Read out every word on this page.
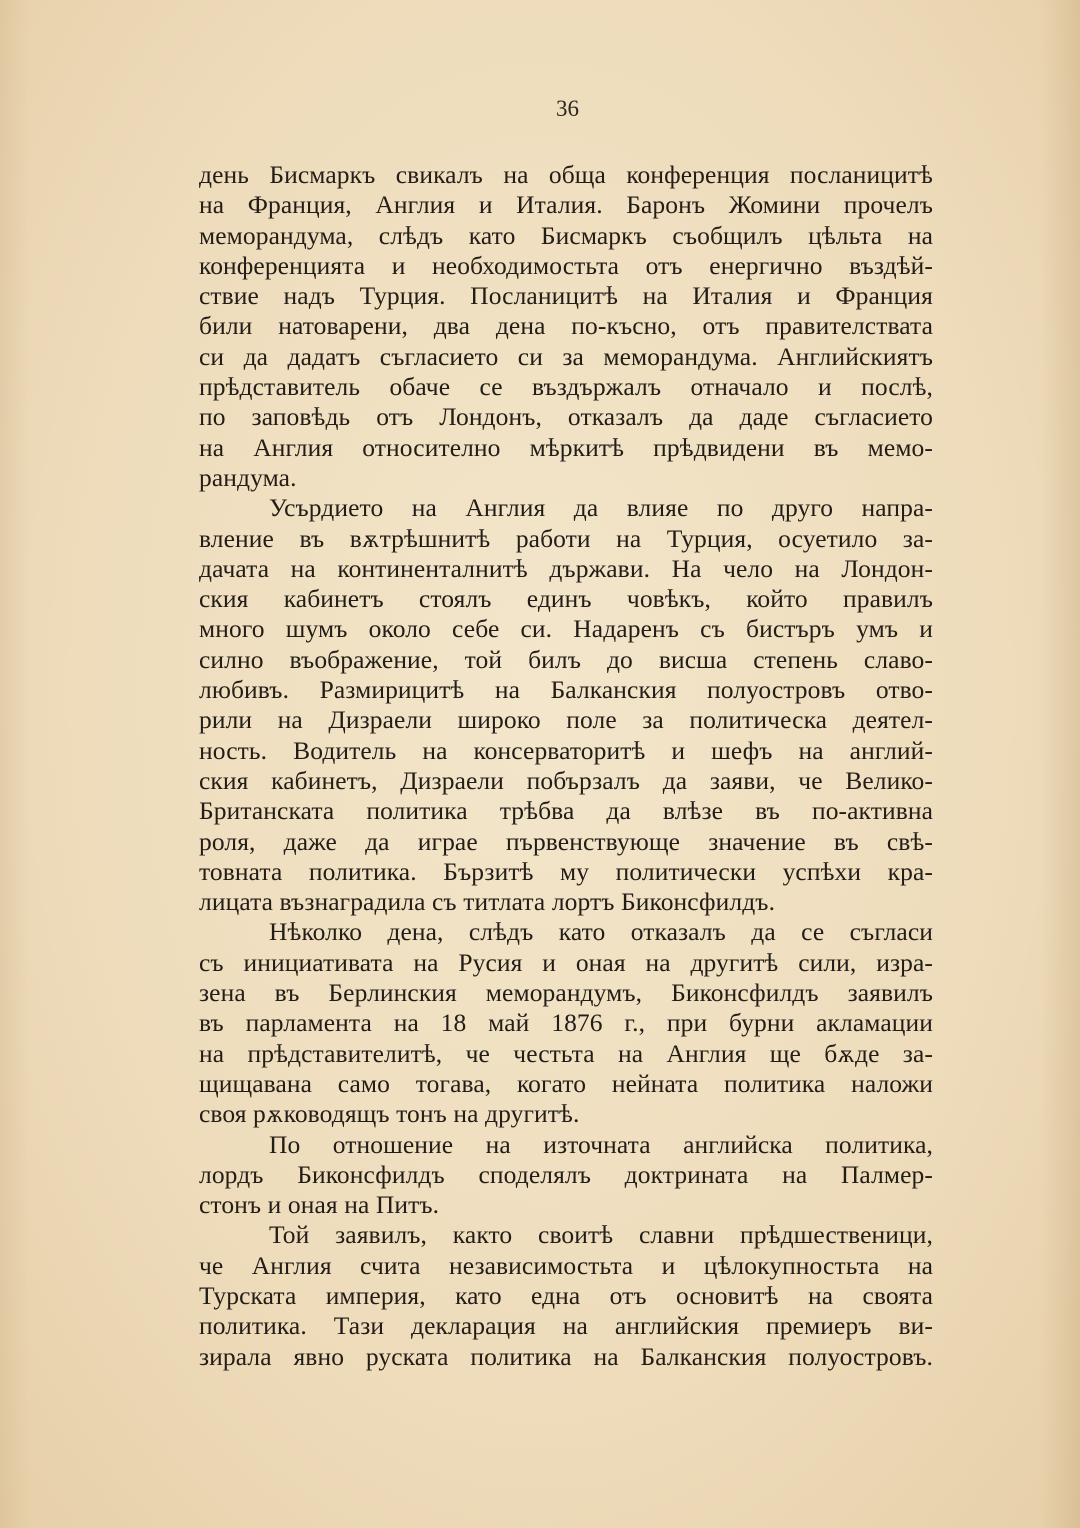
36
день Бисмаркъ свикалъ на обща конференция посланицитѣ
на Франция, Англия и Италия. Баронъ Жомини прочелъ
меморандума, слѣдъ като Бисмаркъ съобщилъ цѣльта на
конференцията и необходимостьта отъ енергично въздѣй-
ствие надъ Турция. Посланицитѣ на Италия и Франция
били натоварени, два дена по-късно, отъ правителствата
си да дадатъ съгласието си за меморандума. Английскиятъ
прѣдставитель обаче се въздържалъ отначало и послѣ,
по заповѣдь отъ Лондонъ, отказалъ да даде съгласието
на Англия относително мѣркитѣ прѣдвидени въ мемо-
рандума.
Усърдието на Англия да влияе по друго напра-
вление въ вѫтрѣшнитѣ работи на Турция, осуетило за-
дачата на континенталнитѣ държави. На чело на Лондон-
ския кабинетъ стоялъ единъ човѣкъ, който правилъ
много шумъ около себе си. Надаренъ съ бистъръ умъ и
силно въображение, той билъ до висша степень славо-
любивъ. Размирицитѣ на Балканския полуостровъ отво-
рили на Дизраели широко поле за политическа деятел-
ность. Водитель на консерваторитѣ и шефъ на англий-
ския кабинетъ, Дизраели побързалъ да заяви, че Велико-
Британската политика трѣбва да влѣзе въ по-активна
роля, даже да играе първенствующе значение въ свѣ-
товната политика. Бързитѣ му политически успѣхи кра-
лицата възнаградила съ титлата лортъ Биконсфилдъ.
Нѣколко дена, слѣдъ като отказалъ да се съгласи
съ инициативата на Русия и оная на другитѣ сили, изра-
зена въ Берлинския меморандумъ, Биконсфилдъ заявилъ
въ парламента на 18 май 1876 г., при бурни акламации
на прѣдставителитѣ, че честьта на Англия ще бѫде за-
щищавана само тогава, когато нейната политика наложи
своя рѫководящъ тонъ на другитѣ.
По отношение на източната английска политика,
лордъ Биконсфилдъ споделялъ доктрината на Палмер-
стонъ и оная на Питъ.
Той заявилъ, както своитѣ славни прѣдшественици,
че Англия счита независимостьта и цѣлокупностьта на
Турската империя, като една отъ основитѣ на своята
политика. Тази декларация на английския премиеръ ви-
зирала явно руската политика на Балканския полуостровъ.
